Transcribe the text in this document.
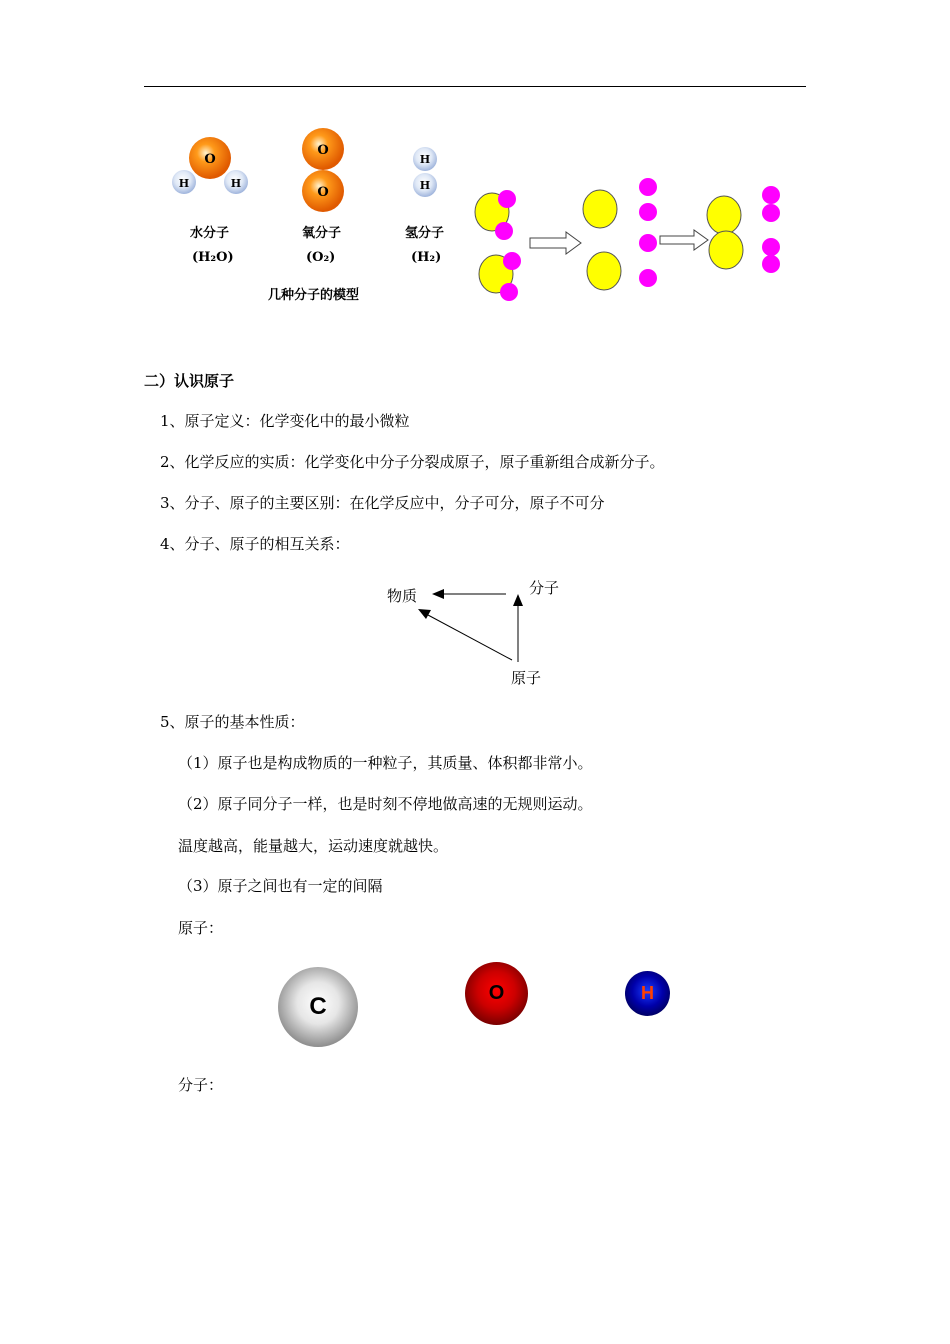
O
H	H
O
O
H
H
水分子
(H₂O)
氧分子
(O₂)
氢分子
(H₂)
几种分子的模型
二）认识原子
1、原子定义：化学变化中的最小微粒
2、化学反应的实质：化学变化中分子分裂成原子，原子重新组合成新分子。
3、分子、原子的主要区别：在化学反应中，分子可分，原子不可分
4、分子、原子的相互关系：
物质	分子
原子
5、原子的基本性质：
（1）原子也是构成物质的一种粒子，其质量、体积都非常小。
（2）原子同分子一样，也是时刻不停地做高速的无规则运动。
温度越高，能量越大，运动速度就越快。
（3）原子之间也有一定的间隔
原子：
C	O	H
分子：
